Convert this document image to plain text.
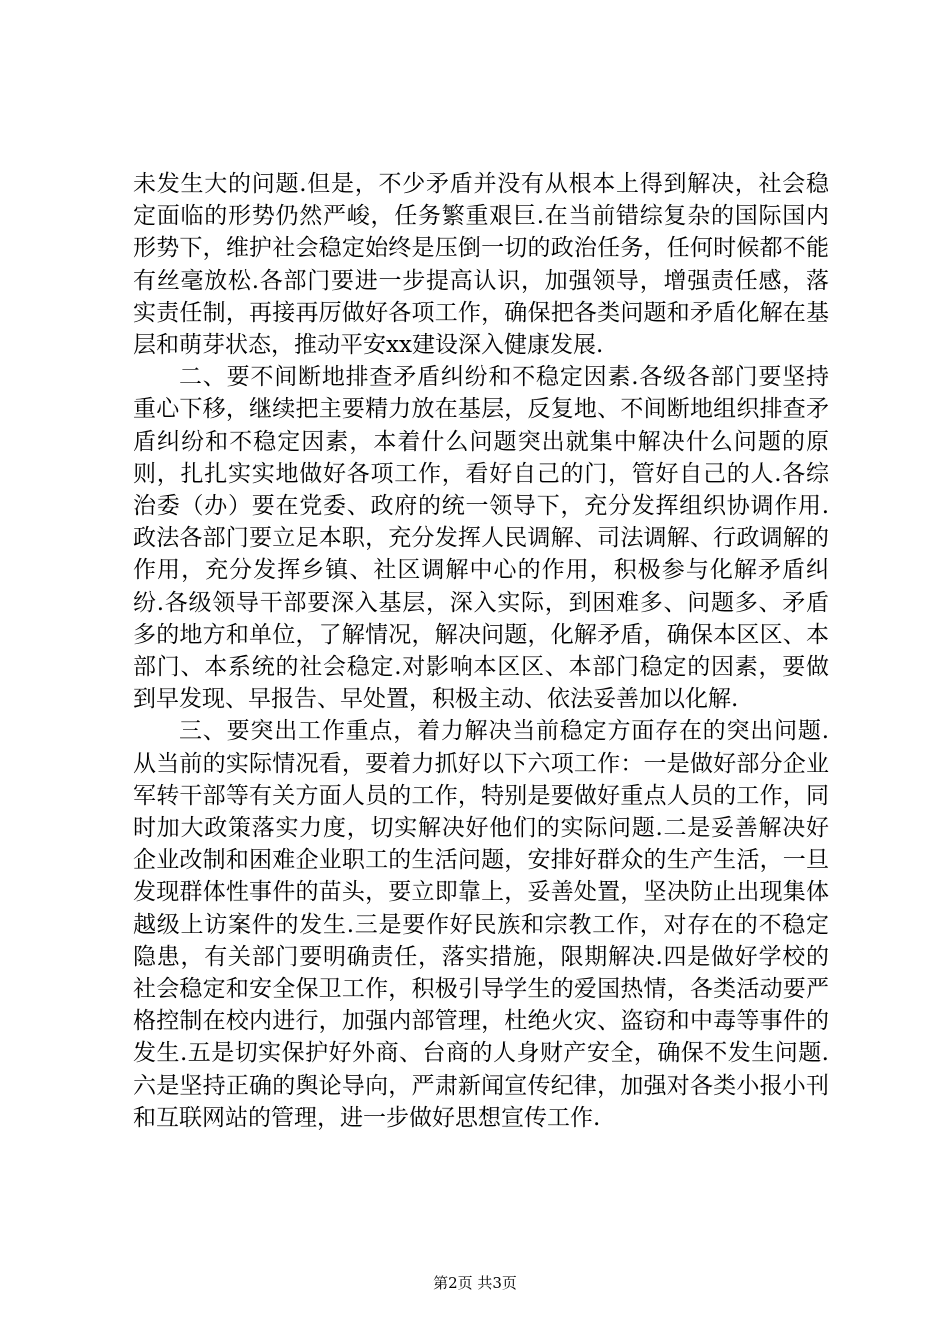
未发生大的问题.但是，不少矛盾并没有从根本上得到解决，社会稳定面临的形势仍然严峻，任务繁重艰巨.在当前错综复杂的国际国内形势下，维护社会稳定始终是压倒一切的政治任务，任何时候都不能有丝毫放松.各部门要进一步提高认识，加强领导，增强责任感，落实责任制，再接再厉做好各项工作，确保把各类问题和矛盾化解在基层和萌芽状态，推动平安xx建设深入健康发展.

二、要不间断地排查矛盾纠纷和不稳定因素.各级各部门要坚持重心下移，继续把主要精力放在基层，反复地、不间断地组织排查矛盾纠纷和不稳定因素，本着什么问题突出就集中解决什么问题的原则，扎扎实实地做好各项工作，看好自己的门，管好自己的人.各综治委（办）要在党委、政府的统一领导下，充分发挥组织协调作用.政法各部门要立足本职，充分发挥人民调解、司法调解、行政调解的作用，充分发挥乡镇、社区调解中心的作用，积极参与化解矛盾纠纷.各级领导干部要深入基层，深入实际，到困难多、问题多、矛盾多的地方和单位，了解情况，解决问题，化解矛盾，确保本区区、本部门、本系统的社会稳定.对影响本区区、本部门稳定的因素，要做到早发现、早报告、早处置，积极主动、依法妥善加以化解.

三、要突出工作重点，着力解决当前稳定方面存在的突出问题.从当前的实际情况看，要着力抓好以下六项工作：一是做好部分企业军转干部等有关方面人员的工作，特别是要做好重点人员的工作，同时加大政策落实力度，切实解决好他们的实际问题.二是妥善解决好企业改制和困难企业职工的生活问题，安排好群众的生产生活，一旦发现群体性事件的苗头，要立即靠上，妥善处置，坚决防止出现集体越级上访案件的发生.三是要作好民族和宗教工作，对存在的不稳定隐患，有关部门要明确责任，落实措施，限期解决.四是做好学校的社会稳定和安全保卫工作，积极引导学生的爱国热情，各类活动要严格控制在校内进行，加强内部管理，杜绝火灾、盗窃和中毒等事件的发生.五是切实保护好外商、台商的人身财产安全，确保不发生问题.六是坚持正确的舆论导向，严肃新闻宣传纪律，加强对各类小报小刊和互联网站的管理，进一步做好思想宣传工作.

第2页 共3页
